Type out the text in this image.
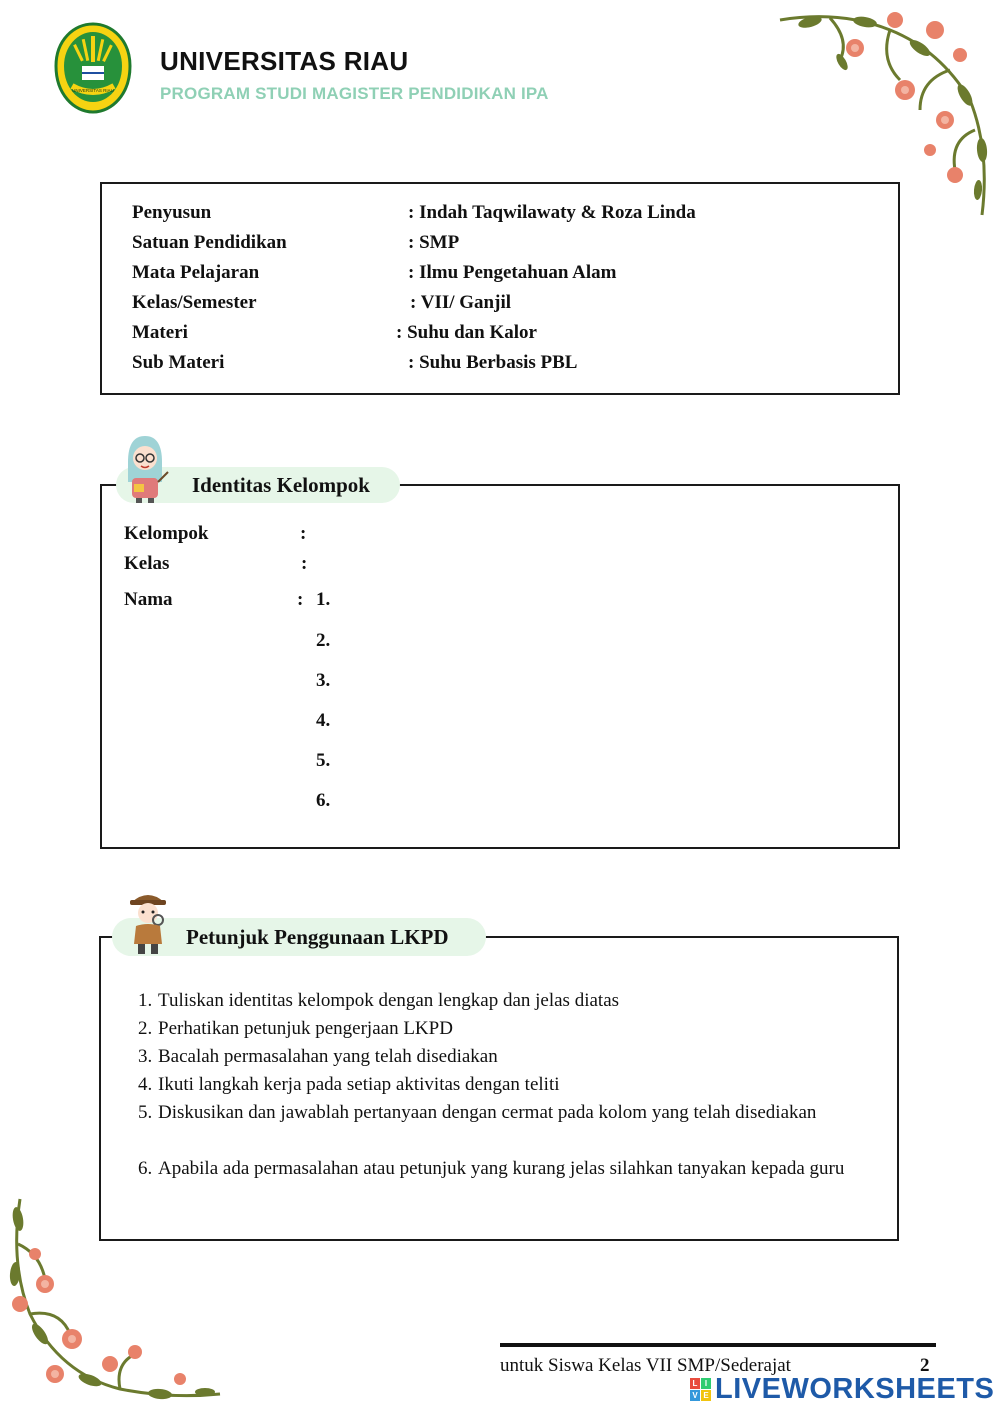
UNIVERSITAS RIAU
UNIVERSITAS RIAU
PROGRAM STUDI MAGISTER PENDIDIKAN IPA
Penyusun	: Indah Taqwilawaty & Roza Linda
Satuan Pendidikan	: SMP
Mata Pelajaran	: Ilmu Pengetahuan Alam
Kelas/Semester	: VII/ Ganjil
Materi	: Suhu dan Kalor
Sub Materi	: Suhu Berbasis PBL
Identitas Kelompok
Kelompok	:
Kelas	:
Nama	: 1.
2.
3.
4.
5.
6.
Petunjuk Penggunaan LKPD
1. Tuliskan identitas kelompok dengan lengkap dan jelas diatas
2. Perhatikan petunjuk pengerjaan LKPD
3. Bacalah permasalahan yang telah disediakan
4. Ikuti langkah kerja pada setiap aktivitas dengan teliti
5. Diskusikan dan jawablah pertanyaan dengan cermat pada kolom yang telah disediakan
6. Apabila ada permasalahan atau petunjuk yang kurang jelas silahkan tanyakan kepada guru
untuk Siswa Kelas VII SMP/Sederajat	2
L I
V E LIVEWORKSHEETS
